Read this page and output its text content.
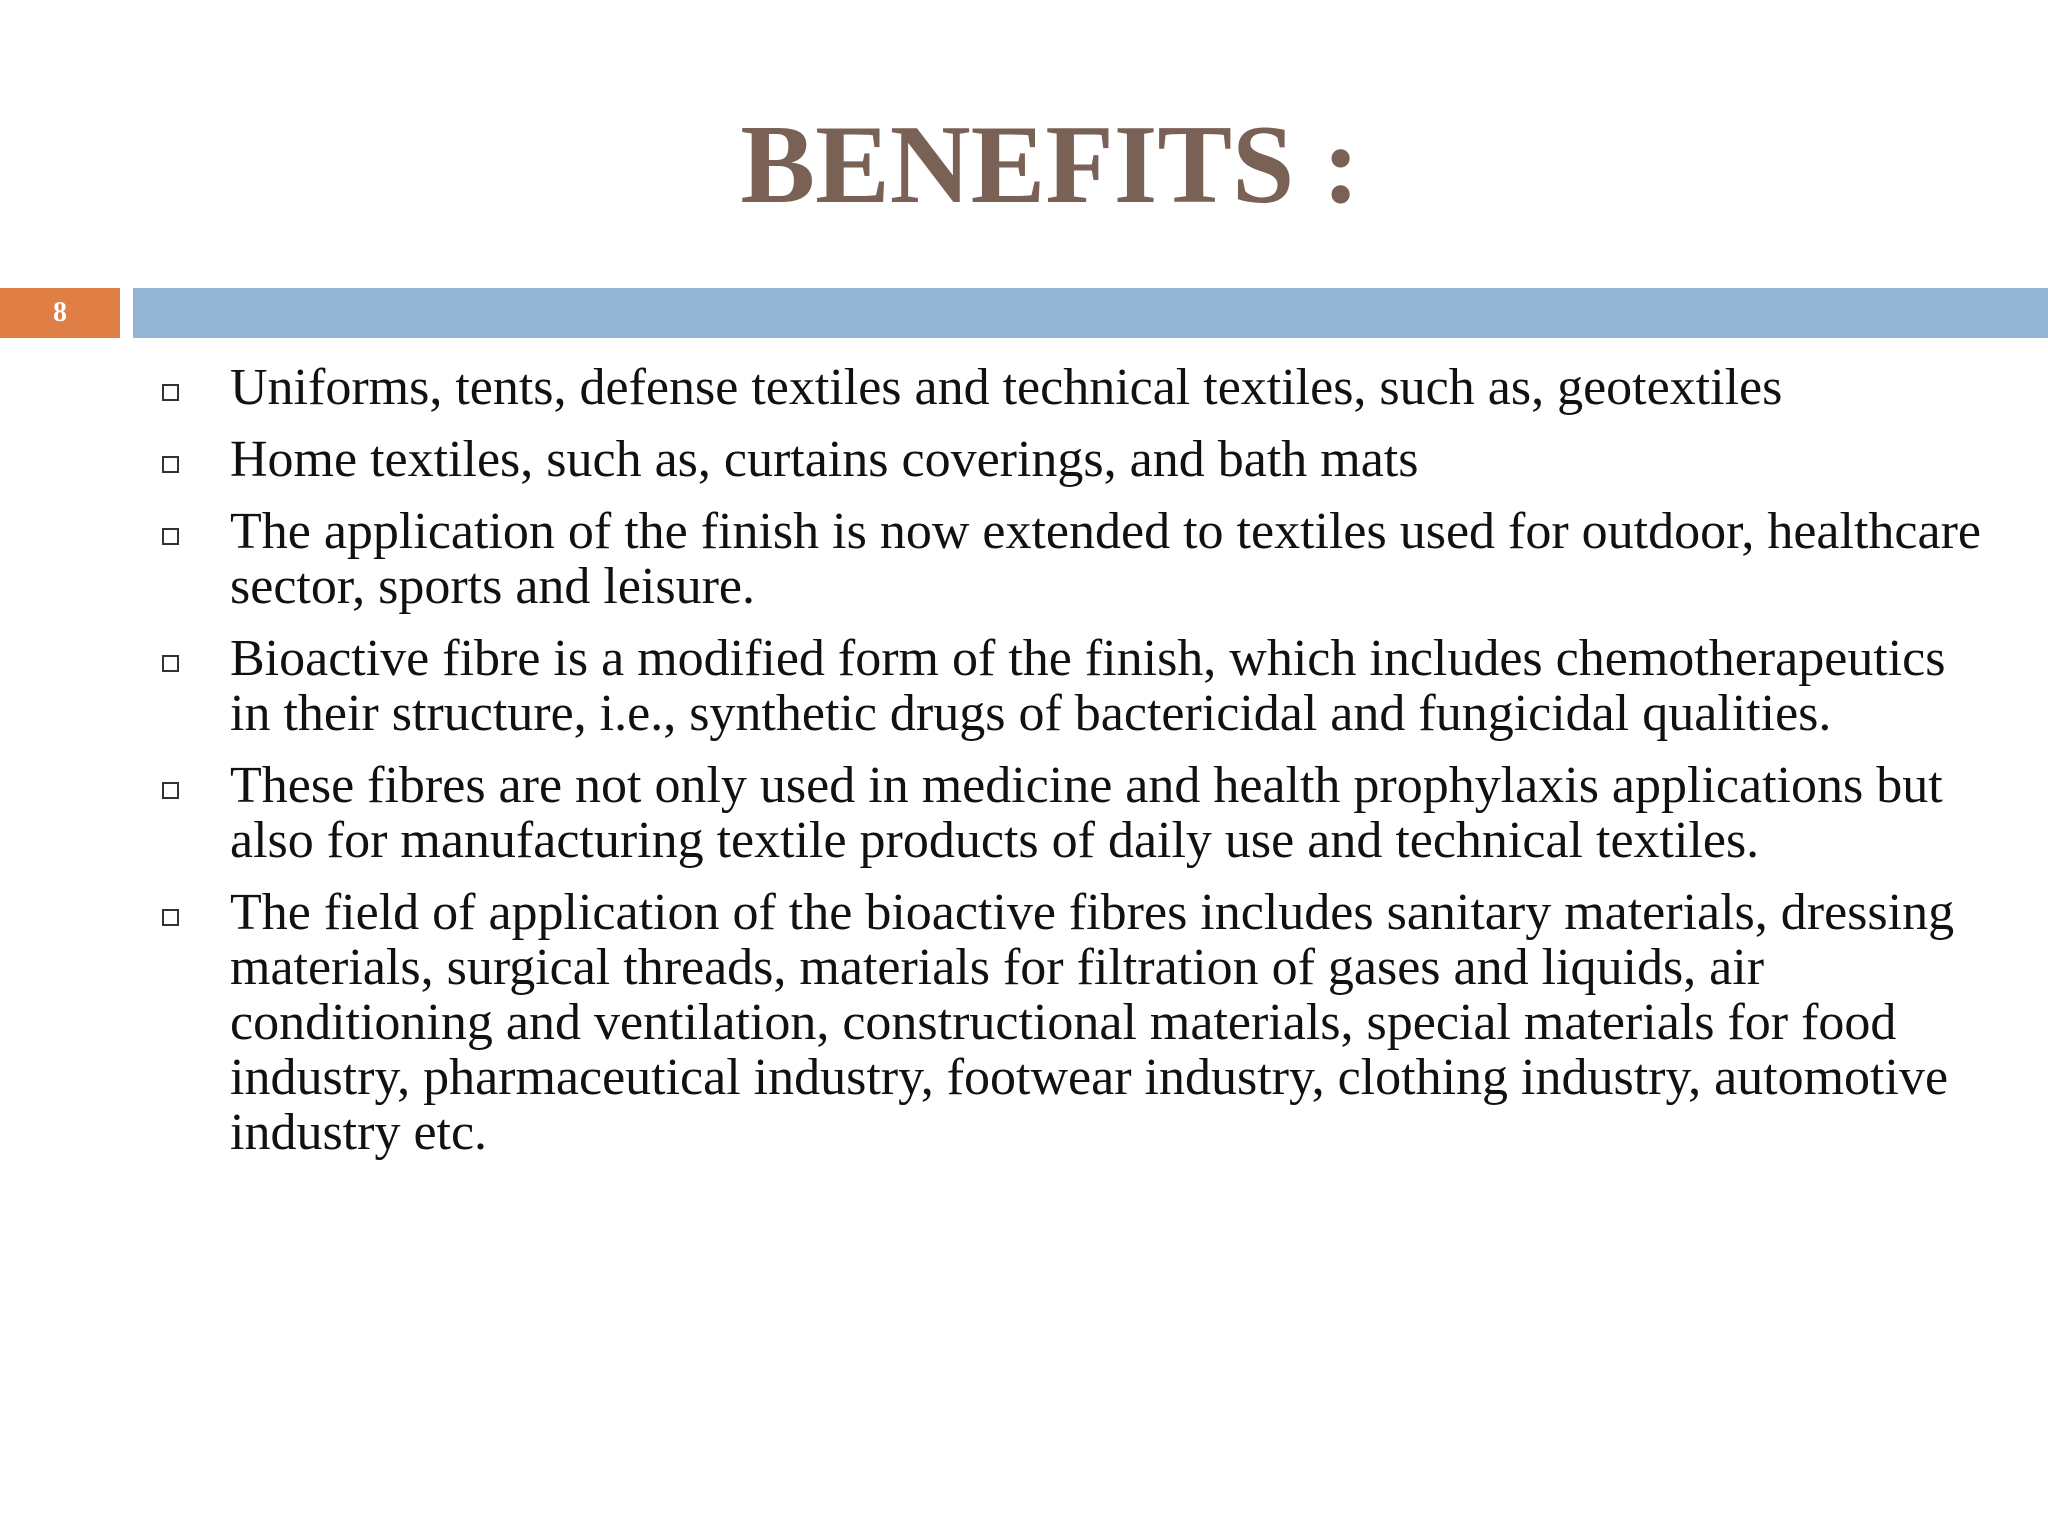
BENEFITS :
8
Uniforms, tents, defense textiles and technical textiles, such as, geotextiles
Home textiles, such as, curtains coverings, and bath mats
The application of the finish is now extended to textiles used for outdoor, healthcare sector, sports and leisure.
Bioactive fibre is a modified form of the finish, which includes chemotherapeutics in their structure, i.e., synthetic drugs of bactericidal and fungicidal qualities.
These fibres are not only used in medicine and health prophylaxis applications but also for manufacturing textile products of daily use and technical textiles.
The field of application of the bioactive fibres includes sanitary materials, dressing materials, surgical threads, materials for filtration of gases and liquids, air conditioning and ventilation, constructional materials, special materials for food industry, pharmaceutical industry, footwear industry, clothing industry, automotive industry etc.
